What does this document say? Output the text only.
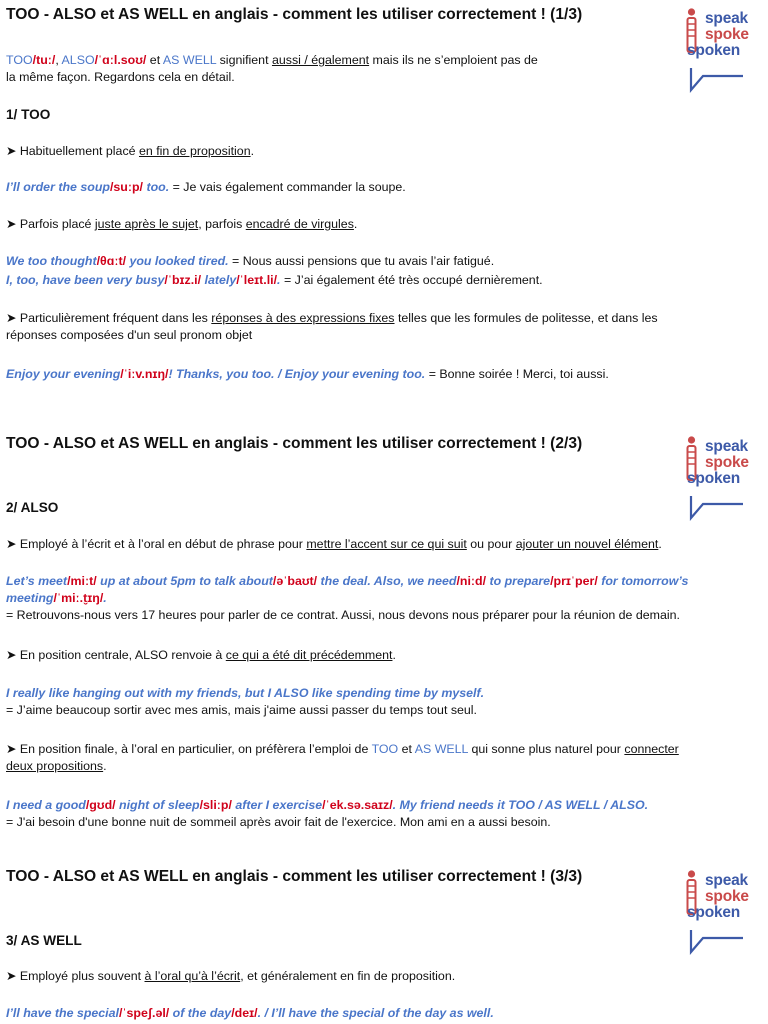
TOO - ALSO et AS WELL en anglais - comment les utiliser correctement ! (1/3)	speak
spoke
spoken
TOO/tuː/, ALSO/ˈɑːl.soʊ/ et AS WELL signifient aussi / également mais ils ne s’emploient pas de
la même façon. Regardons cela en détail.
1/ TOO
➤ Habituellement placé en fin de proposition.
I’ll order the soup/suːp/ too. = Je vais également commander la soupe.
➤ Parfois placé juste après le sujet, parfois encadré de virgules.
We too thought/θɑːt/ you looked tired. = Nous aussi pensions que tu avais l’air fatigué.
I, too, have been very busy/ˈbɪz.i/ lately/ˈleɪt.li/. = J’ai également été très occupé dernièrement.
➤ Particulièrement fréquent dans les réponses à des expressions fixes telles que les formules de politesse, et dans les
réponses composées d'un seul pronom objet
Enjoy your evening/ˈiːv.nɪŋ/! Thanks, you too. / Enjoy your evening too. = Bonne soirée ! Merci, toi aussi.
TOO - ALSO et AS WELL en anglais - comment les utiliser correctement ! (2/3)	speak
spoke
spoken
2/ ALSO
➤ Employé à l’écrit et à l’oral en début de phrase pour mettre l’accent sur ce qui suit ou pour ajouter un nouvel élément.
Let’s meet/miːt/ up at about 5pm to talk about/əˈbaʊt/ the deal. Also, we need/niːd/ to prepare/prɪˈper/ for tomorrow’s
meeting/ˈmiː.t̬ɪŋ/.
= Retrouvons-nous vers 17 heures pour parler de ce contrat. Aussi, nous devons nous préparer pour la réunion de demain.
➤ En position centrale, ALSO renvoie à ce qui a été dit précédemment.
I really like hanging out with my friends, but I ALSO like spending time by myself.
= J’aime beaucoup sortir avec mes amis, mais j'aime aussi passer du temps tout seul.
➤ En position finale, à l’oral en particulier, on préfèrera l’emploi de TOO et AS WELL qui sonne plus naturel pour connecter
deux propositions.
I need a good/gʊd/ night of sleep/sliːp/ after I exercise/ˈek.sə.saɪz/. My friend needs it TOO / AS WELL / ALSO.
= J'ai besoin d'une bonne nuit de sommeil après avoir fait de l'exercice. Mon ami en a aussi besoin.
TOO - ALSO et AS WELL en anglais - comment les utiliser correctement ! (3/3)	speak
spoke
spoken
3/ AS WELL
➤ Employé plus souvent à l’oral qu’à l’écrit, et généralement en fin de proposition.
I’ll have the special/ˈspeʃ.əl/ of the day/deɪ/. / I’ll have the special of the day as well.
